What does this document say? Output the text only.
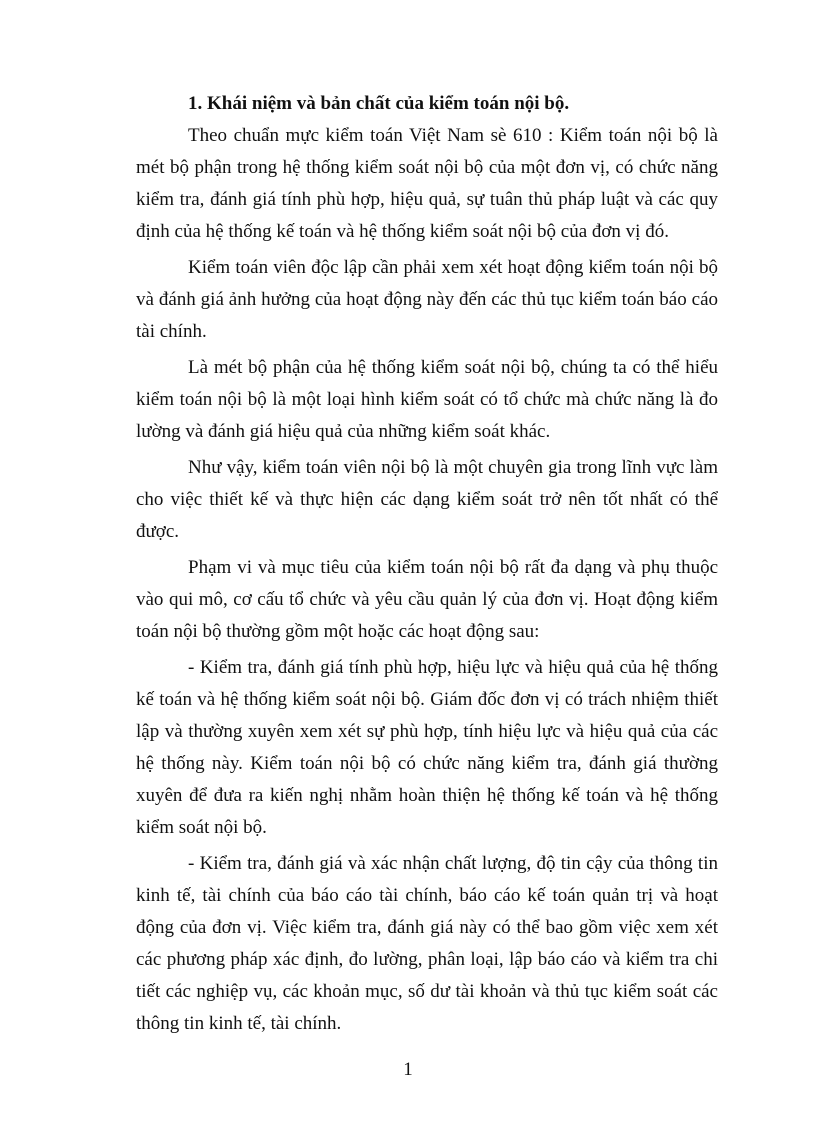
1. Khái niệm và bản chất của kiểm toán nội bộ.

Theo chuẩn mực kiểm toán Việt Nam sè 610 : Kiểm toán nội bộ là mét bộ phận trong hệ thống kiểm soát nội bộ của một đơn vị, có chức năng kiểm tra, đánh giá tính phù hợp, hiệu quả, sự tuân thủ pháp luật và các quy định của hệ thống kế toán và hệ thống kiểm soát nội bộ của đơn vị đó.

Kiểm toán viên độc lập cần phải xem xét hoạt động kiểm toán nội bộ và đánh giá ảnh hưởng của hoạt động này đến các thủ tục kiểm toán báo cáo tài chính.

Là mét bộ phận của hệ thống kiểm soát nội bộ, chúng ta có thể hiểu kiểm toán nội bộ là một loại hình kiểm soát có tổ chức mà chức năng là đo lường và đánh giá hiệu quả của những kiểm soát khác.

Như vậy, kiểm toán viên nội bộ là một chuyên gia trong lĩnh vực làm cho việc thiết kế và thực hiện các dạng kiểm soát trở nên tốt nhất có thể được.

Phạm vi và mục tiêu của kiểm toán nội bộ rất đa dạng và phụ thuộc vào qui mô, cơ cấu tổ chức và yêu cầu quản lý của đơn vị. Hoạt động kiểm toán nội bộ thường gồm một hoặc các hoạt động sau:

- Kiểm tra, đánh giá tính phù hợp, hiệu lực và hiệu quả của hệ thống kế toán và hệ thống kiểm soát nội bộ. Giám đốc đơn vị có trách nhiệm thiết lập và thường xuyên xem xét sự phù hợp, tính hiệu lực và hiệu quả của các hệ thống này. Kiểm toán nội bộ có chức năng kiểm tra, đánh giá thường xuyên để đưa ra kiến nghị nhằm hoàn thiện hệ thống kế toán và hệ thống kiểm soát nội bộ.

- Kiểm tra, đánh giá và xác nhận chất lượng, độ tin cậy của thông tin kinh tế, tài chính của báo cáo tài chính, báo cáo kế toán quản trị và hoạt động của đơn vị. Việc kiểm tra, đánh giá này có thể bao gồm việc xem xét các phương pháp xác định, đo lường, phân loại, lập báo cáo và kiểm tra chi tiết các nghiệp vụ, các khoản mục, số dư tài khoản và thủ tục kiểm soát các thông tin kinh tế, tài chính.

1
